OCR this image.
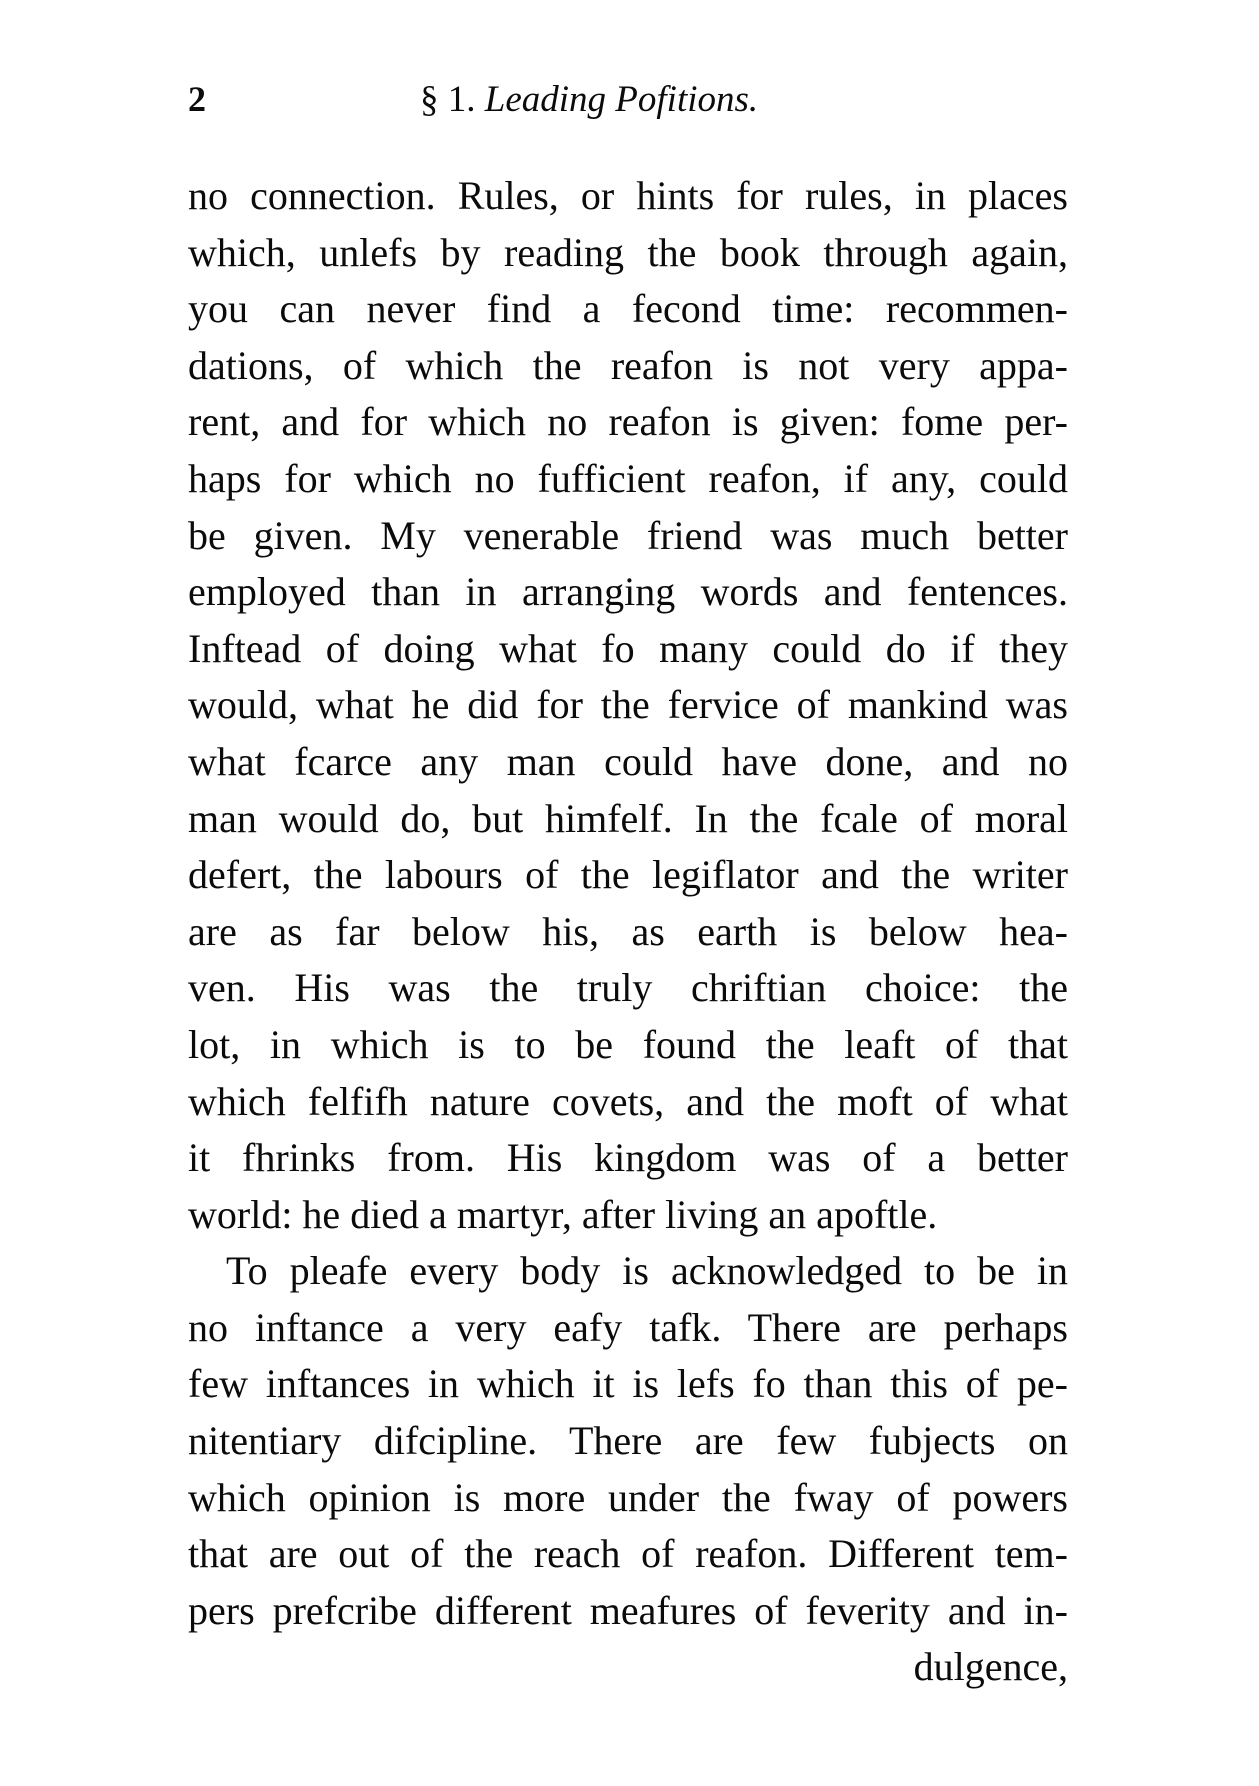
2	§ 1. Leading Pofitions.
no connection. Rules, or hints for rules, in places
which, unlefs by reading the book through again,
you can never find a fecond time: recommen-
dations, of which the reafon is not very appa-
rent, and for which no reafon is given: fome per-
haps for which no fufficient reafon, if any, could
be given. My venerable friend was much better
employed than in arranging words and fentences.
Inftead of doing what fo many could do if they
would, what he did for the fervice of mankind was
what fcarce any man could have done, and no
man would do, but himfelf. In the fcale of moral
defert, the labours of the legiflator and the writer
are as far below his, as earth is below hea-
ven. His was the truly chriftian choice: the
lot, in which is to be found the leaft of that
which felfifh nature covets, and the moft of what
it fhrinks from. His kingdom was of a better
world: he died a martyr, after living an apoftle.
To pleafe every body is acknowledged to be in
no inftance a very eafy tafk. There are perhaps
few inftances in which it is lefs fo than this of pe-
nitentiary difcipline. There are few fubjects on
which opinion is more under the fway of powers
that are out of the reach of reafon. Different tem-
pers prefcribe different meafures of feverity and in-
dulgence,
